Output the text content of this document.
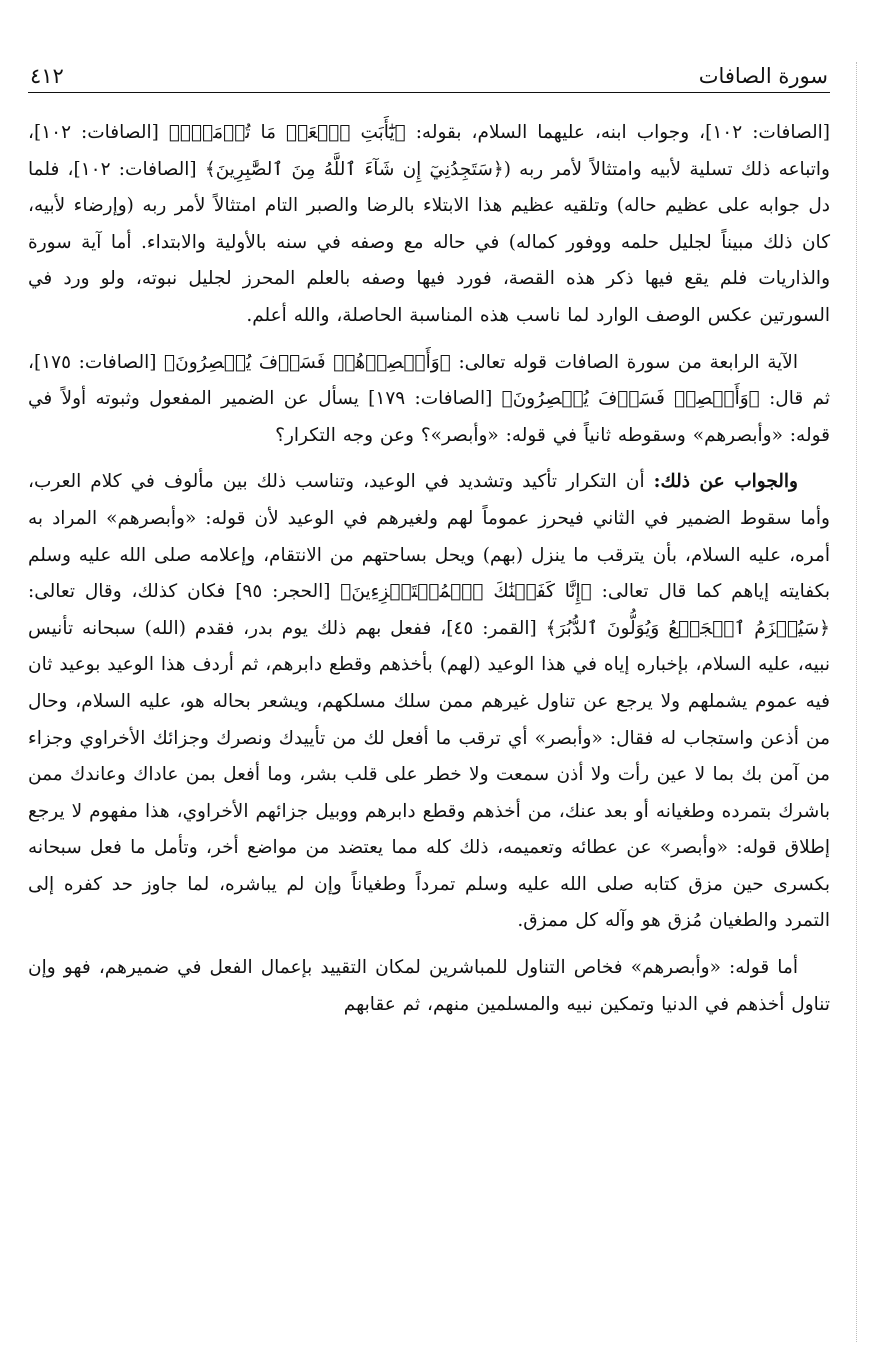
سورة الصافات
٤١٢

[الصافات: ١٠٢]، وجواب ابنه، عليهما السلام، بقوله: ﴿يَٰٓأَبَتِ ٱفۡعَلۡ مَا تُؤۡمَرُۖ﴾ [الصافات: ١٠٢]، واتباعه ذلك تسلية لأبيه وامتثالاً لأمر ربه (﴿سَتَجِدُنِيٓ إِن شَآءَ ٱللَّهُ مِنَ ٱلصَّٰبِرِينَ﴾ [الصافات: ١٠٢]، فلما دل جوابه على عظيم حاله) وتلقيه عظيم هذا الابتلاء بالرضا والصبر التام امتثالاً لأمر ربه (وإرضاء لأبيه، كان ذلك مبيناً لجليل حلمه ووفور كماله) في حاله مع وصفه في سنه بالأولية والابتداء. أما آية سورة والذاريات فلم يقع فيها ذكر هذه القصة، فورد فيها وصفه بالعلم المحرز لجليل نبوته، ولو ورد في السورتين عكس الوصف الوارد لما ناسب هذه المناسبة الحاصلة، والله أعلم.

الآية الرابعة من سورة الصافات قوله تعالى: ﴿وَأَبۡصِرۡهُمۡ فَسَوۡفَ يُبۡصِرُونَ﴾ [الصافات: ١٧٥]، ثم قال: ﴿وَأَبۡصِرۡ فَسَوۡفَ يُبۡصِرُونَ﴾ [الصافات: ١٧٩] يسأل عن الضمير المفعول وثبوته أولاً في قوله: «وأبصرهم» وسقوطه ثانياً في قوله: «وأبصر»؟ وعن وجه التكرار؟

والجواب عن ذلك: أن التكرار تأكيد وتشديد في الوعيد، وتناسب ذلك بين مألوف في كلام العرب، وأما سقوط الضمير في الثاني فيحرز عموماً لهم ولغيرهم في الوعيد لأن قوله: «وأبصرهم» المراد به أمره، عليه السلام، بأن يترقب ما ينزل (بهم) ويحل بساحتهم من الانتقام، وإعلامه صلى الله عليه وسلم بكفايته إياهم كما قال تعالى: ﴿إِنَّا كَفَيۡنَٰكَ ٱلۡمُسۡتَهۡزِءِينَ﴾ [الحجر: ٩٥] فكان كذلك، وقال تعالى: ﴿سَيُهۡزَمُ ٱلۡجَمۡعُ وَيُوَلُّونَ ٱلدُّبُرَ﴾ [القمر: ٤٥]، ففعل بهم ذلك يوم بدر، فقدم (الله) سبحانه تأنيس نبيه، عليه السلام، بإخباره إياه في هذا الوعيد (لهم) بأخذهم وقطع دابرهم، ثم أردف هذا الوعيد بوعيد ثان فيه عموم يشملهم ولا يرجع عن تناول غيرهم ممن سلك مسلكهم، ويشعر بحاله هو، عليه السلام، وحال من أذعن واستجاب له فقال: «وأبصر» أي ترقب ما أفعل لك من تأييدك ونصرك وجزائك الأخراوي وجزاء من آمن بك بما لا عين رأت ولا أذن سمعت ولا خطر على قلب بشر، وما أفعل بمن عاداك وعاندك ممن باشرك بتمرده وطغيانه أو بعد عنك، من أخذهم وقطع دابرهم ووبيل جزائهم الأخراوي، هذا مفهوم لا يرجع إطلاق قوله: «وأبصر» عن عطائه وتعميمه، ذلك كله مما يعتضد من مواضع أخر، وتأمل ما فعل سبحانه بكسرى حين مزق كتابه صلى الله عليه وسلم تمرداً وطغياناً وإن لم يباشره، لما جاوز حد كفره إلى التمرد والطغيان مُزق هو وآله كل ممزق.

أما قوله: «وأبصرهم» فخاص التناول للمباشرين لمكان التقييد بإعمال الفعل في ضميرهم، فهو وإن تناول أخذهم في الدنيا وتمكين نبيه والمسلمين منهم، ثم عقابهم
